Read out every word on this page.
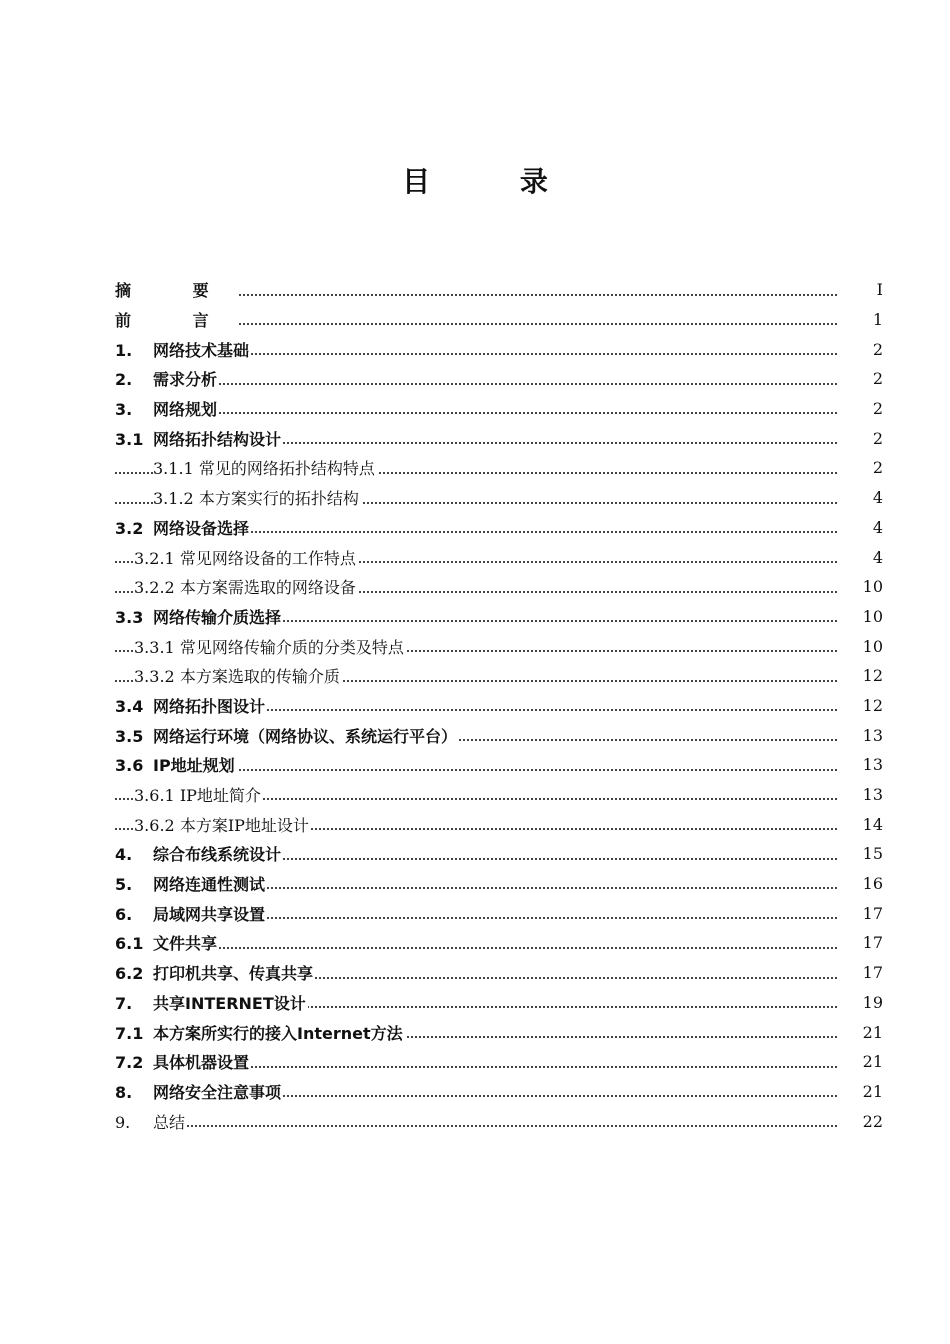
目 录
摘 要	I
前 言	1
1. 网络技术基础	2
2. 需求分析	2
3. 网络规划	2
3.1 网络拓扑结构设计	2
3.1.1 常见的网络拓扑结构特点	2
3.1.2 本方案实行的拓扑结构	4
3.2 网络设备选择	4
3.2.1 常见网络设备的工作特点	4
3.2.2 本方案需选取的网络设备	10
3.3 网络传输介质选择	10
3.3.1 常见网络传输介质的分类及特点	10
3.3.2 本方案选取的传输介质	12
3.4 网络拓扑图设计	12
3.5 网络运行环境（网络协议、系统运行平台）	13
3.6 IP地址规划	13
3.6.1 IP地址简介	13
3.6.2 本方案IP地址设计	14
4. 综合布线系统设计	15
5. 网络连通性测试	16
6. 局域网共享设置	17
6.1 文件共享	17
6.2 打印机共享、传真共享	17
7. 共享INTERNET设计	19
7.1 本方案所实行的接入Internet方法	21
7.2 具体机器设置	21
8. 网络安全注意事项	21
9. 总结	22
